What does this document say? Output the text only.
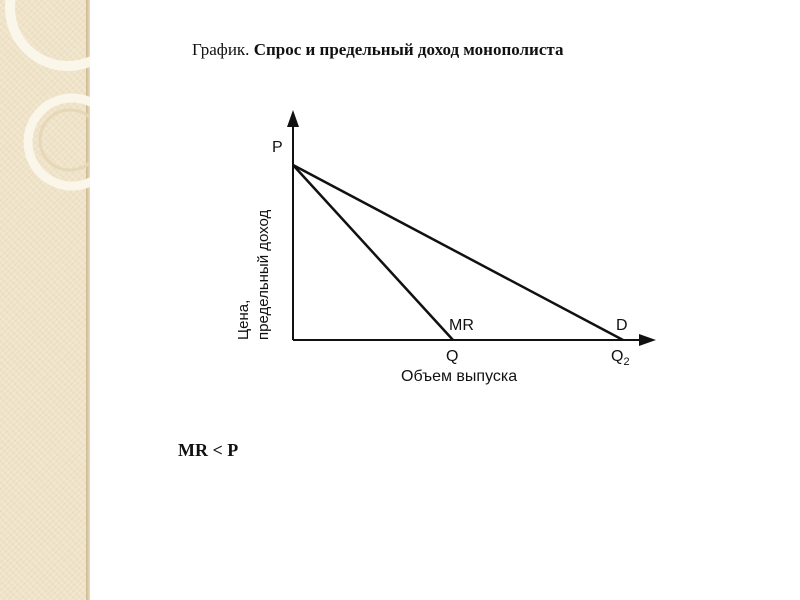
График. Спрос и предельный доход монополиста
P
Цена, предельный доход	MR	D
Q	$Q_2$
Объем выпуска
MR < P
